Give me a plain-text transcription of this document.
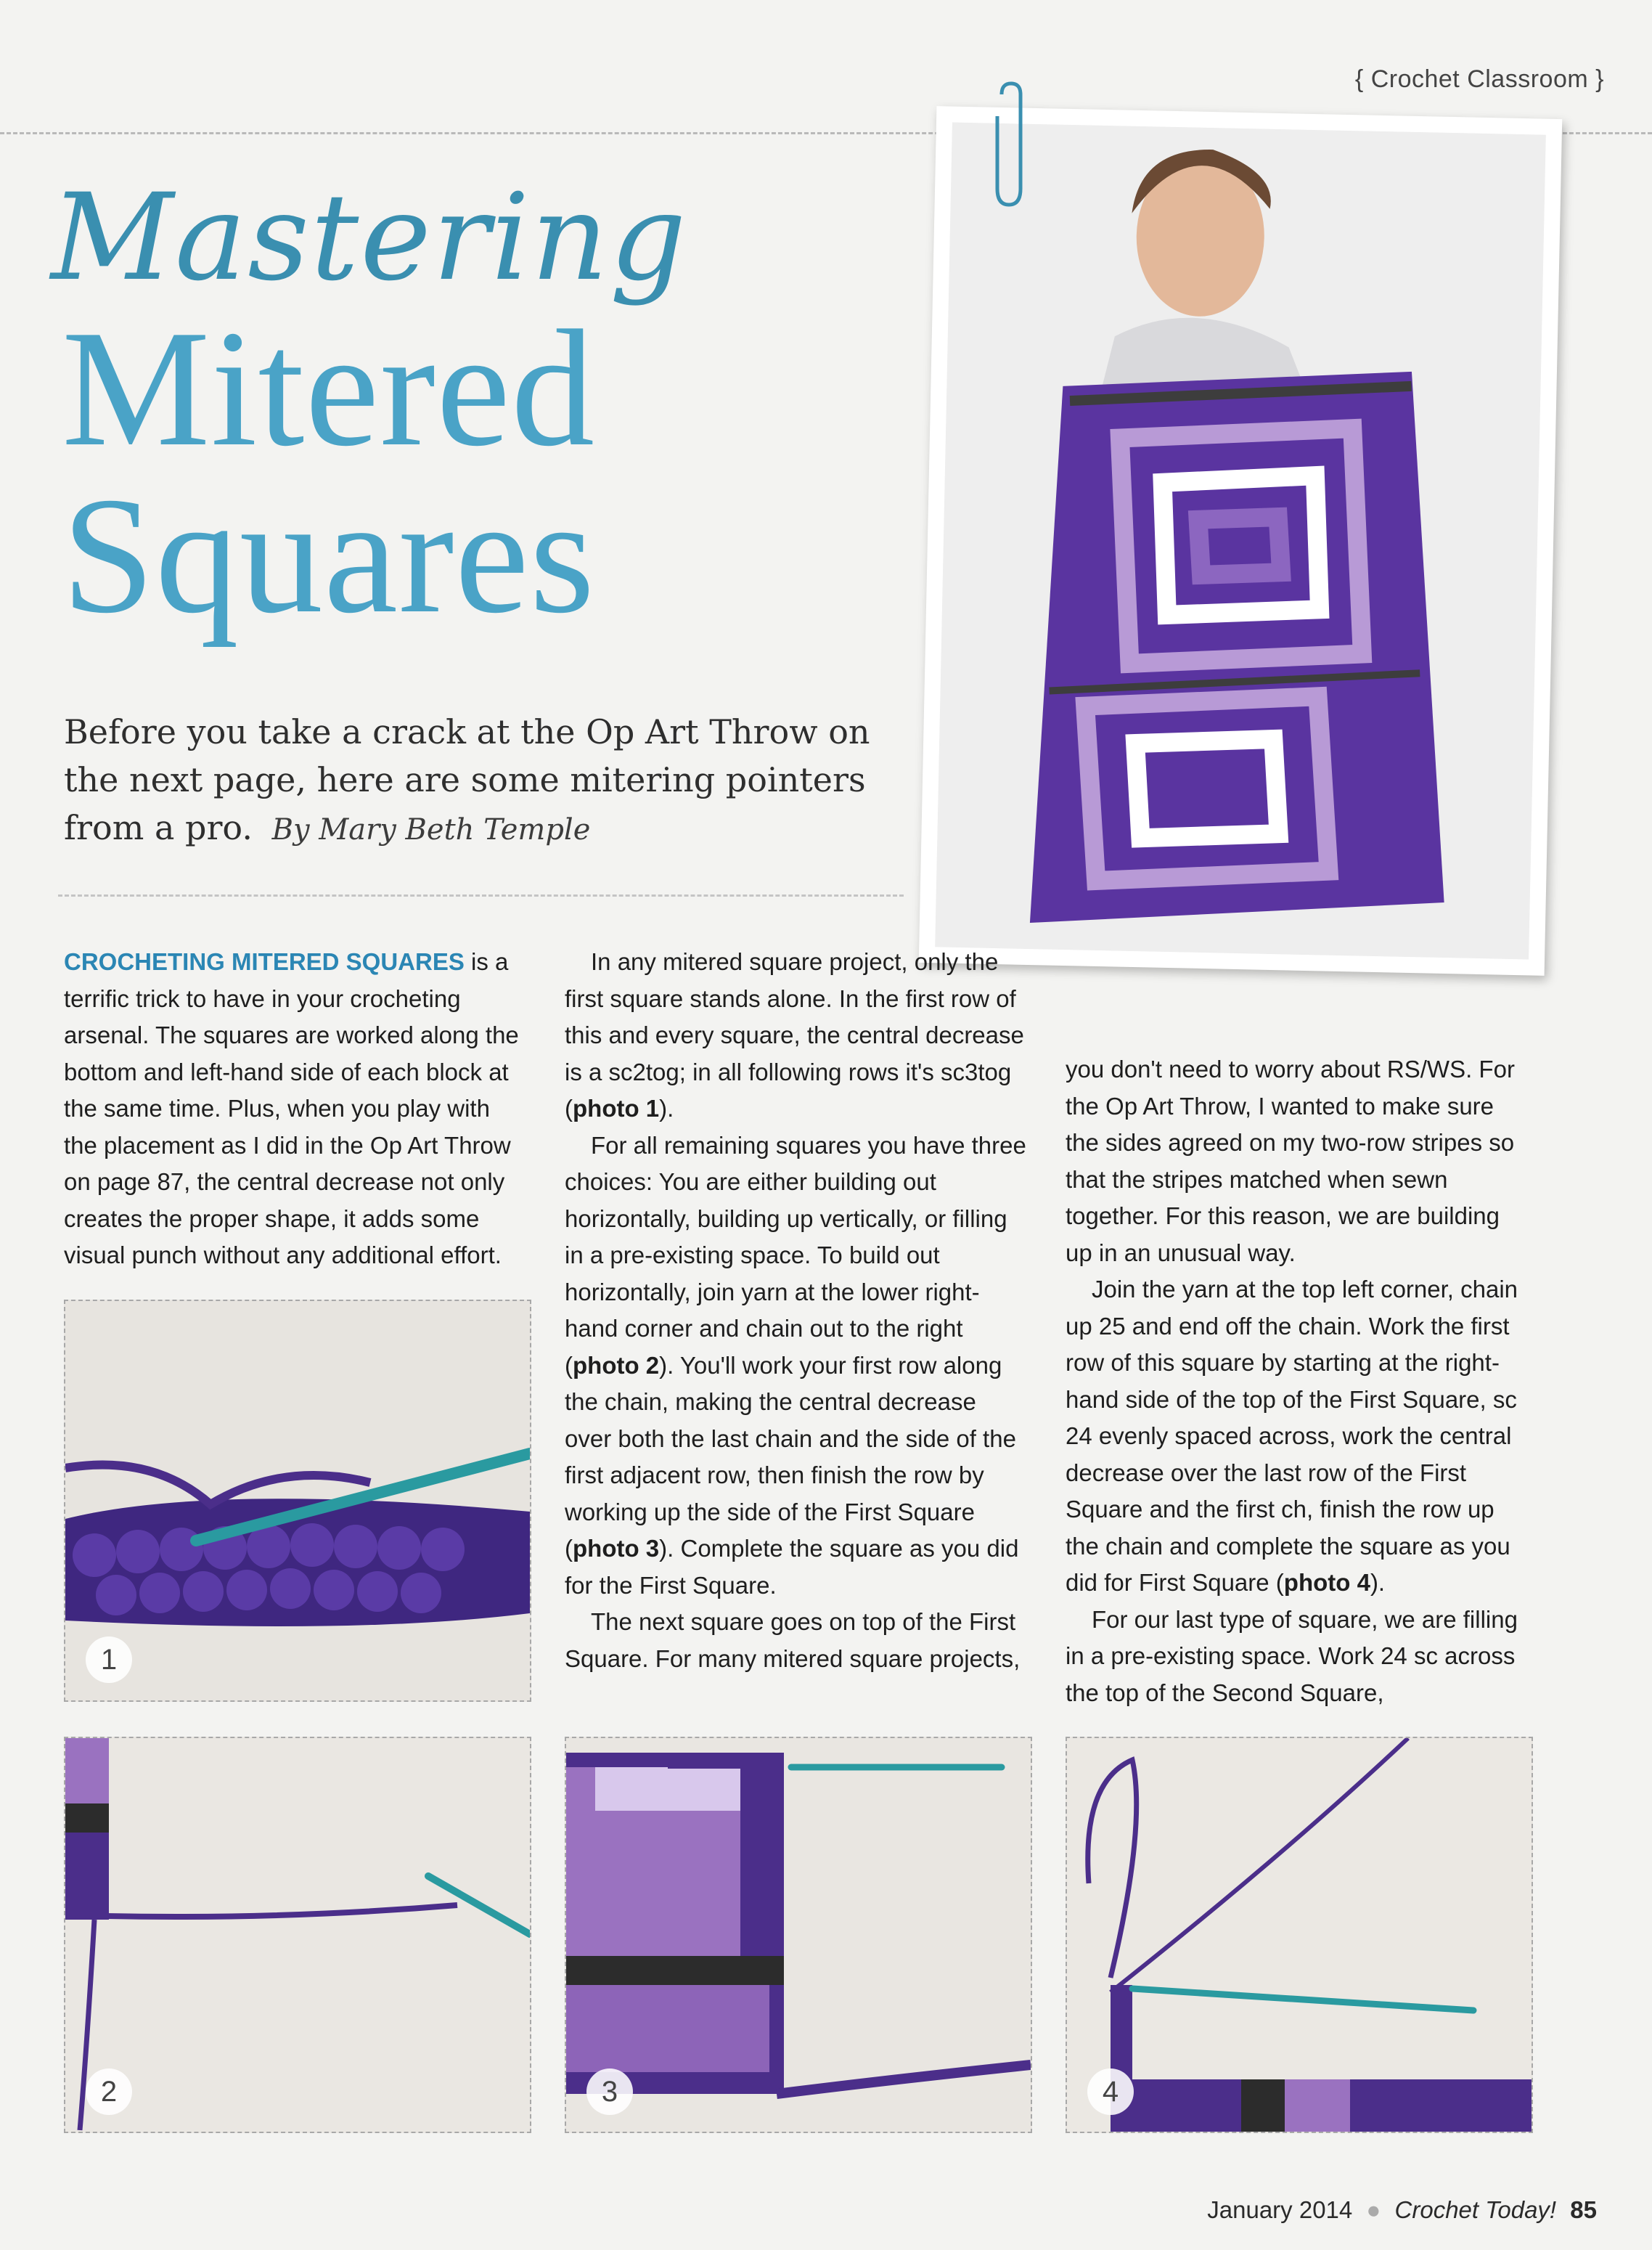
{ Crochet Classroom }
Mastering
Mitered
Squares
Before you take a crack at the Op Art Throw on the next page, here are some mitering pointers from a pro. By Mary Beth Temple

CROCHETING MITERED SQUARES is a terrific trick to have in your crocheting arsenal. The squares are worked along the bottom and left-hand side of each block at the same time. Plus, when you play with the placement as I did in the Op Art Throw on page 87, the central decrease not only creates the proper shape, it adds some visual punch without any additional effort.

In any mitered square project, only the first square stands alone. In the first row of this and every square, the central decrease is a sc2tog; in all following rows it's sc3tog (photo 1).

For all remaining squares you have three choices: You are either building out horizontally, building up vertically, or filling in a pre-existing space. To build out horizontally, join yarn at the lower right-hand corner and chain out to the right (photo 2). You'll work your first row along the chain, making the central decrease over both the last chain and the side of the first adjacent row, then finish the row by working up the side of the First Square (photo 3). Complete the square as you did for the First Square.

The next square goes on top of the First Square. For many mitered square projects,

you don't need to worry about RS/WS. For the Op Art Throw, I wanted to make sure the sides agreed on my two-row stripes so that the stripes matched when sewn together. For this reason, we are building up in an unusual way.

Join the yarn at the top left corner, chain up 25 and end off the chain. Work the first row of this square by starting at the right-hand side of the top of the First Square, sc 24 evenly spaced across, work the central decrease over the last row of the First Square and the first ch, finish the row up the chain and complete the square as you did for First Square (photo 4).

For our last type of square, we are filling in a pre-existing space. Work 24 sc across the top of the Second Square,

1
2	3	4
January 2014 ● Crochet Today! 85
